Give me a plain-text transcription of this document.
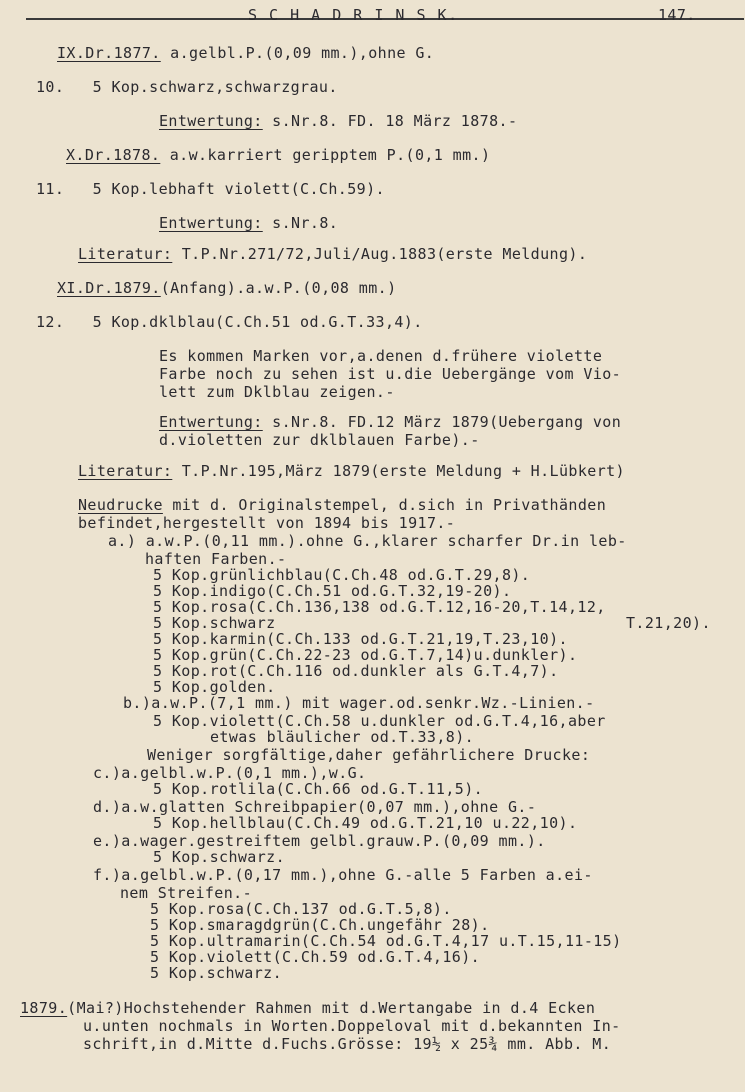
S C H A D R I N S K.	147.
IX.Dr.1877. a.gelbl.P.(0,09 mm.),ohne G.
10.   5 Kop.schwarz,schwarzgrau.
Entwertung: s.Nr.8. FD. 18 März 1878.-
X.Dr.1878. a.w.karriert geripptem P.(0,1 mm.)
11.   5 Kop.lebhaft violett(C.Ch.59).
Entwertung: s.Nr.8.
Literatur: T.P.Nr.271/72,Juli/Aug.1883(erste Meldung).
XI.Dr.1879.(Anfang).a.w.P.(0,08 mm.)
12.   5 Kop.dklblau(C.Ch.51 od.G.T.33,4).
Es kommen Marken vor,a.denen d.frühere violette
Farbe noch zu sehen ist u.die Uebergänge vom Vio-
lett zum Dklblau zeigen.-
Entwertung: s.Nr.8. FD.12 März 1879(Uebergang von
d.violetten zur dklblauen Farbe).-
Literatur: T.P.Nr.195,März 1879(erste Meldung + H.Lübkert)
Neudrucke mit d. Originalstempel, d.sich in Privathänden
befindet,hergestellt von 1894 bis 1917.-
a.) a.w.P.(0,11 mm.).ohne G.,klarer scharfer Dr.in leb-
haften Farben.-
5 Kop.grünlichblau(C.Ch.48 od.G.T.29,8).
5 Kop.indigo(C.Ch.51 od.G.T.32,19-20).
5 Kop.rosa(C.Ch.136,138 od.G.T.12,16-20,T.14,12,
5 Kop.schwarz	T.21,20).
5 Kop.karmin(C.Ch.133 od.G.T.21,19,T.23,10).
5 Kop.grün(C.Ch.22-23 od.G.T.7,14)u.dunkler).
5 Kop.rot(C.Ch.116 od.dunkler als G.T.4,7).
5 Kop.golden.
b.)a.w.P.(7,1 mm.) mit wager.od.senkr.Wz.-Linien.-
5 Kop.violett(C.Ch.58 u.dunkler od.G.T.4,16,aber
etwas bläulicher od.T.33,8).
Weniger sorgfältige,daher gefährlichere Drucke:
c.)a.gelbl.w.P.(0,1 mm.),w.G.
5 Kop.rotlila(C.Ch.66 od.G.T.11,5).
d.)a.w.glatten Schreibpapier(0,07 mm.),ohne G.-
5 Kop.hellblau(C.Ch.49 od.G.T.21,10 u.22,10).
e.)a.wager.gestreiftem gelbl.grauw.P.(0,09 mm.).
5 Kop.schwarz.
f.)a.gelbl.w.P.(0,17 mm.),ohne G.-alle 5 Farben a.ei-
nem Streifen.-
5 Kop.rosa(C.Ch.137 od.G.T.5,8).
5 Kop.smaragdgrün(C.Ch.ungefähr 28).
5 Kop.ultramarin(C.Ch.54 od.G.T.4,17 u.T.15,11-15)
5 Kop.violett(C.Ch.59 od.G.T.4,16).
5 Kop.schwarz.
1879.(Mai?)Hochstehender Rahmen mit d.Wertangabe in d.4 Ecken
u.unten nochmals in Worten.Doppeloval mit d.bekannten In-
schrift,in d.Mitte d.Fuchs.Grösse: 19½ x 25¾ mm. Abb. M.
